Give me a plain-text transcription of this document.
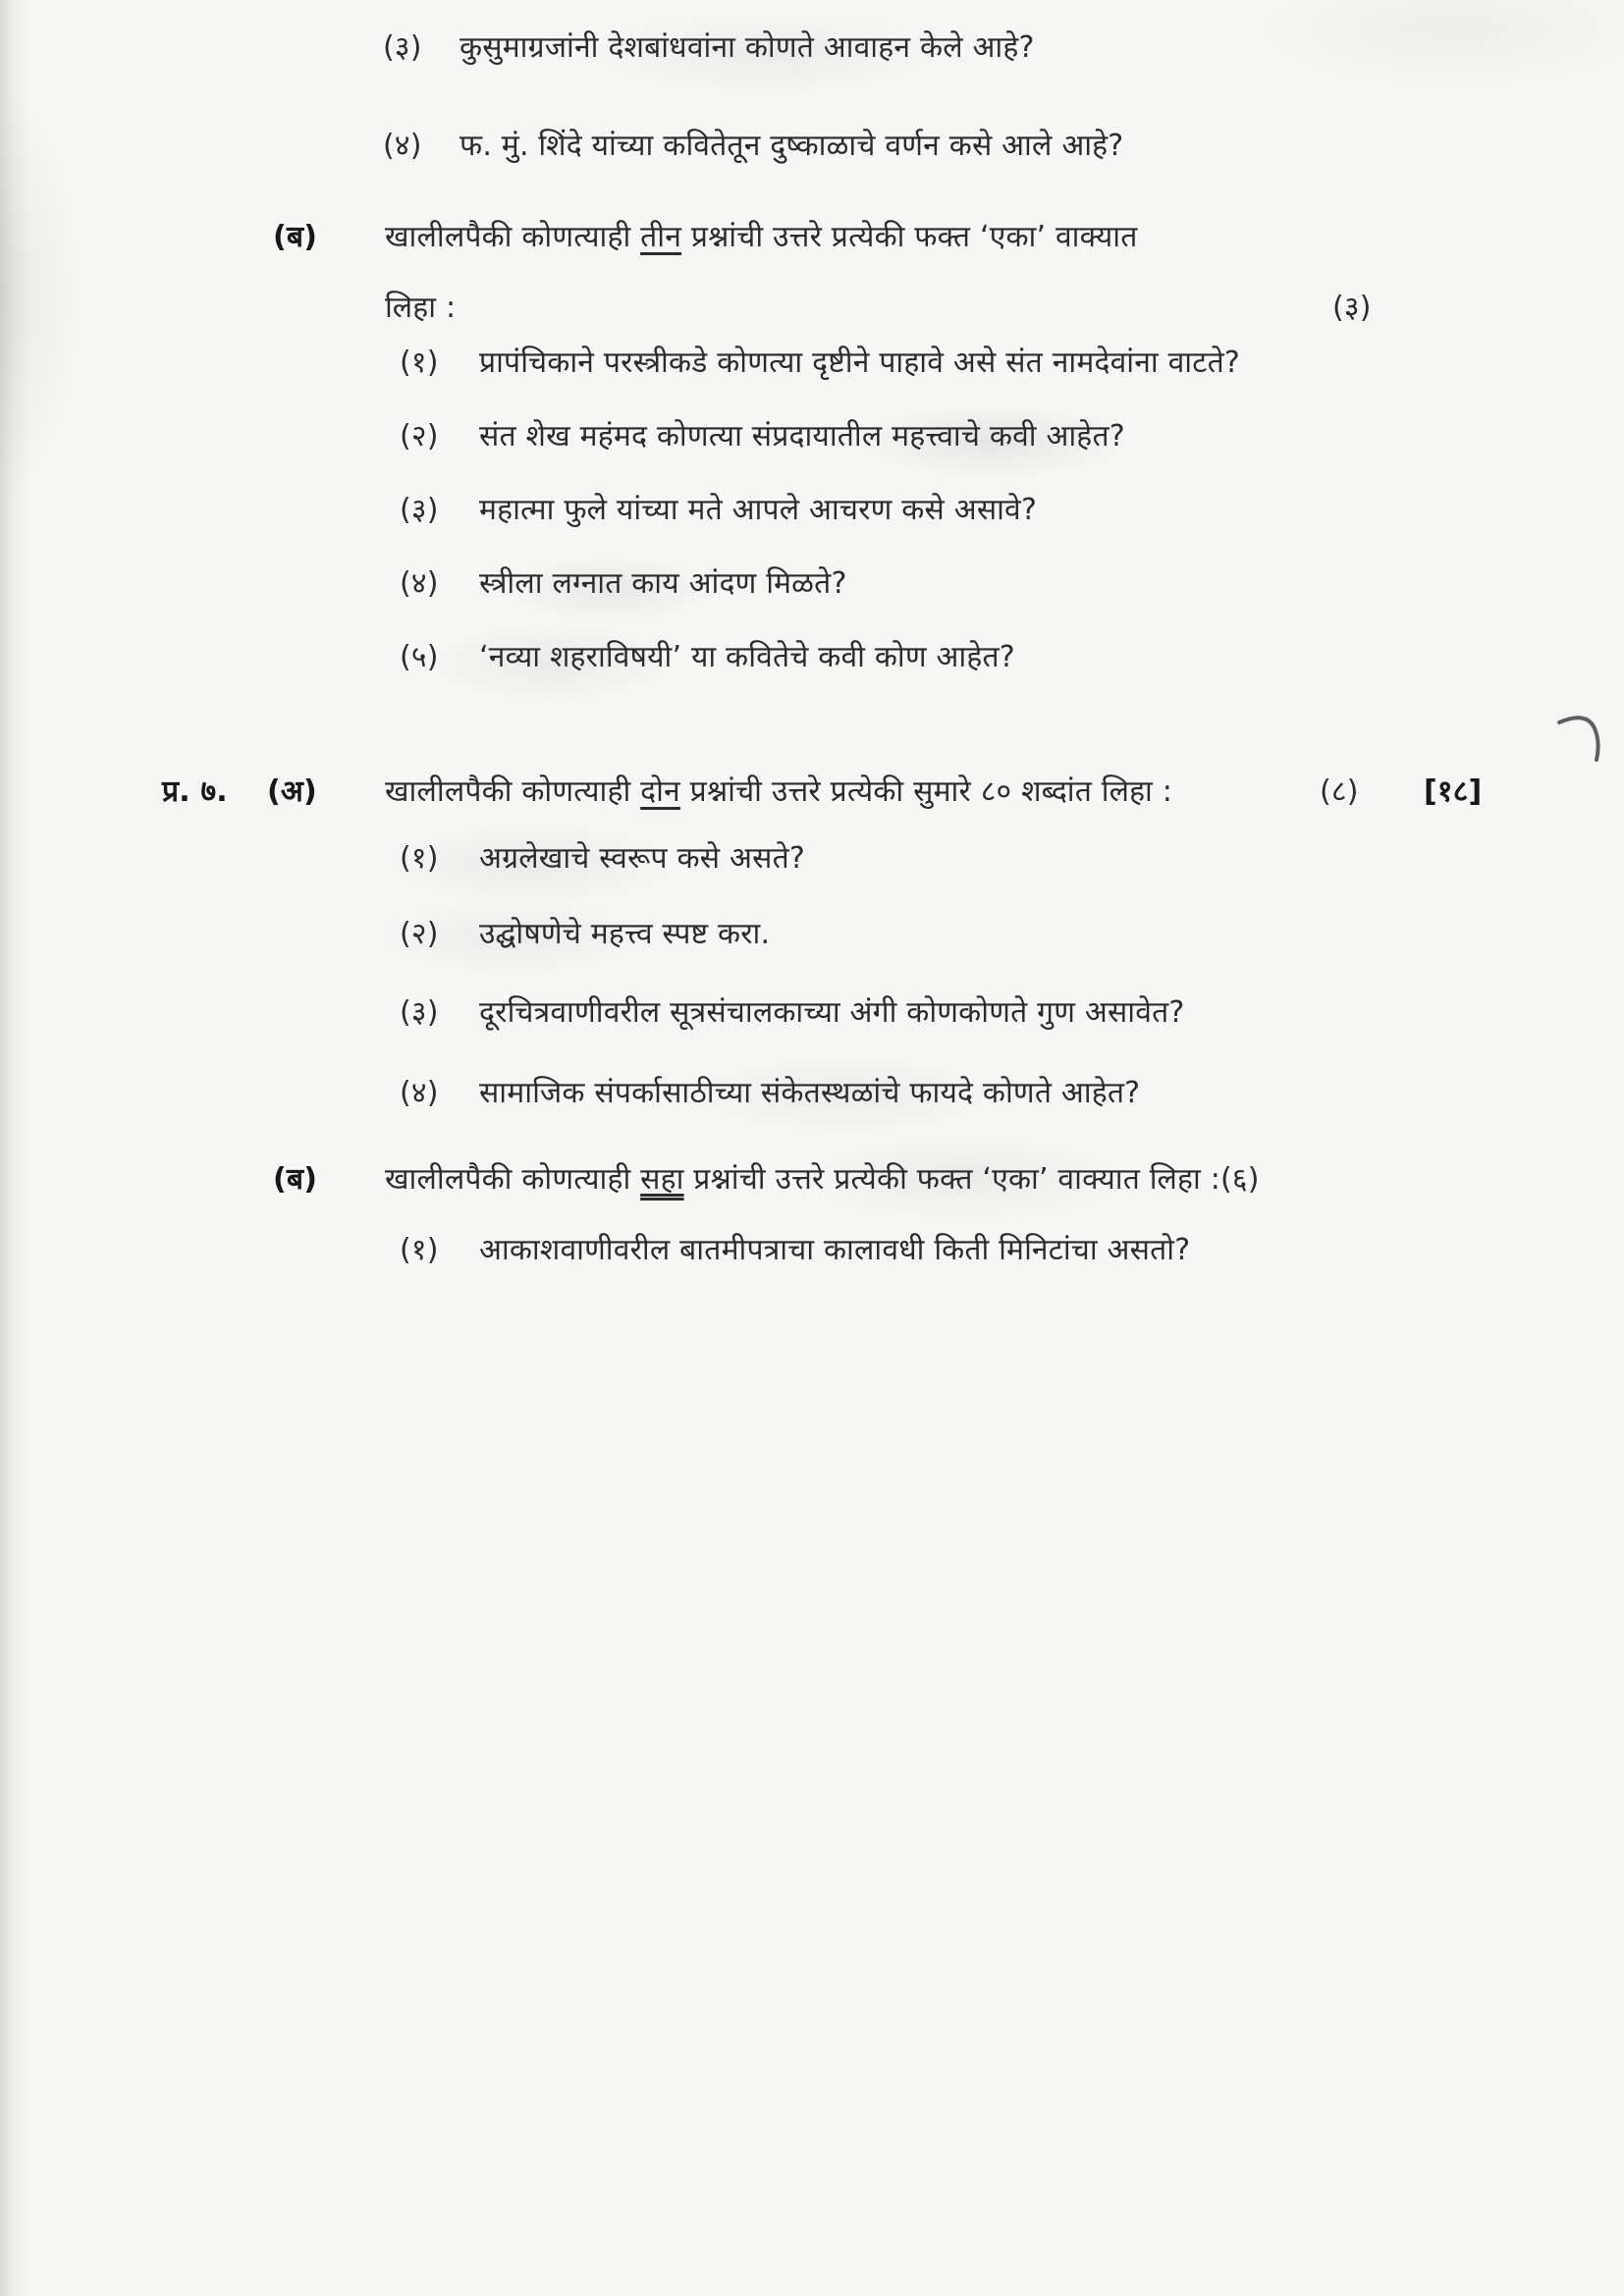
(३) कुसुमाग्रजांनी देशबांधवांना कोणते आवाहन केले आहे?
(४) फ. मुं. शिंदे यांच्या कवितेतून दुष्काळाचे वर्णन कसे आले आहे?
(ब) खालीलपैकी कोणत्याही तीन प्रश्नांची उत्तरे प्रत्येकी फक्त ‘एका’ वाक्यात
लिहा :	(३)
(१) प्रापंचिकाने परस्त्रीकडे कोणत्या दृष्टीने पाहावे असे संत नामदेवांना वाटते?
(२) संत शेख महंमद कोणत्या संप्रदायातील महत्त्वाचे कवी आहेत?
(३) महात्मा फुले यांच्या मते आपले आचरण कसे असावे?
(४) स्त्रीला लग्नात काय आंदण मिळते?
(५) ‘नव्या शहराविषयी’ या कवितेचे कवी कोण आहेत?
प्र. ७. (अ) खालीलपैकी कोणत्याही दोन प्रश्नांची उत्तरे प्रत्येकी सुमारे ८० शब्दांत लिहा :	(८) [१८]
(१) अग्रलेखाचे स्वरूप कसे असते?
(२) उद्घोषणेचे महत्त्व स्पष्ट करा.
(३) दूरचित्रवाणीवरील सूत्रसंचालकाच्या अंगी कोणकोणते गुण असावेत?
(४) सामाजिक संपर्कासाठीच्या संकेतस्थळांचे फायदे कोणते आहेत?
(ब) खालीलपैकी कोणत्याही सहा प्रश्नांची उत्तरे प्रत्येकी फक्त ‘एका’ वाक्यात लिहा :(६)
(१) आकाशवाणीवरील बातमीपत्राचा कालावधी किती मिनिटांचा असतो?
